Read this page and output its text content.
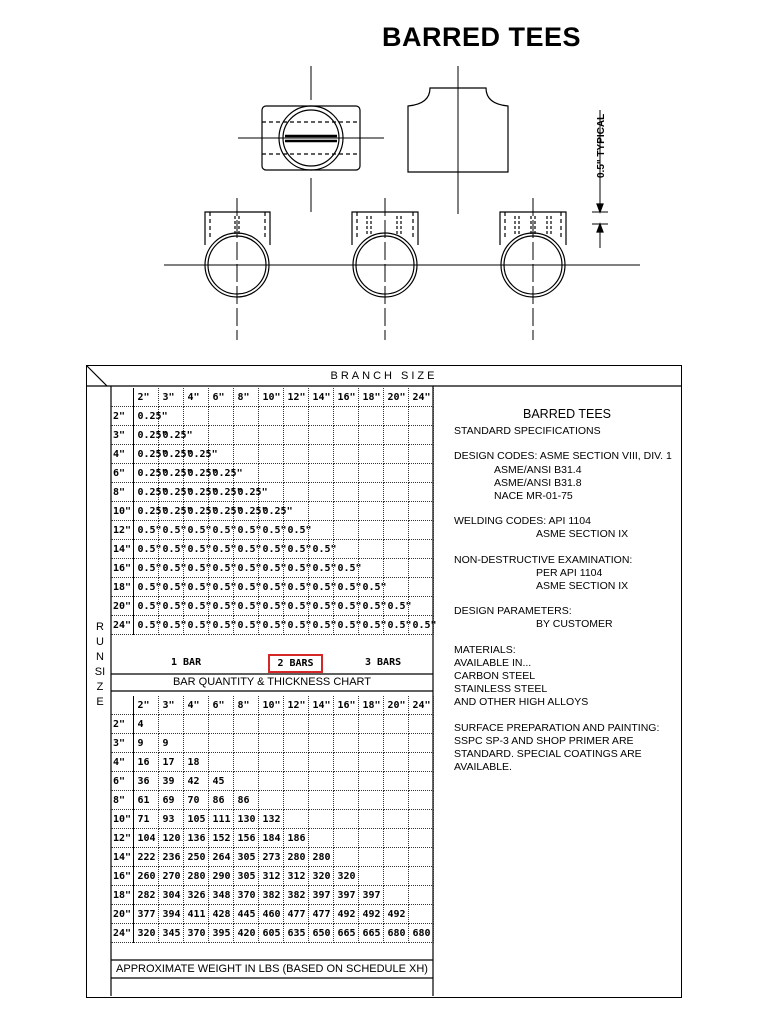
BARRED TEES
0.5" TYPICAL
BRANCH SIZE
RUN SIZE
	2"	3"	4"	6"	8"	10"	12"	14"	16"	18"	20"	24"
2"	0.25"											
3"	0.25"	0.25"										
4"	0.25"	0.25"	0.25"									
6"	0.25"	0.25"	0.25"	0.25"								
8"	0.25"	0.25"	0.25"	0.25"	0.25"							
10"	0.25"	0.25"	0.25"	0.25"	0.25"	0.25"						
12"	0.5"	0.5"	0.5"	0.5"	0.5"	0.5"	0.5"					
14"	0.5"	0.5"	0.5"	0.5"	0.5"	0.5"	0.5"	0.5"				
16"	0.5"	0.5"	0.5"	0.5"	0.5"	0.5"	0.5"	0.5"	0.5"			
18"	0.5"	0.5"	0.5"	0.5"	0.5"	0.5"	0.5"	0.5"	0.5"	0.5"		
20"	0.5"	0.5"	0.5"	0.5"	0.5"	0.5"	0.5"	0.5"	0.5"	0.5"	0.5"	
24"	0.5"	0.5"	0.5"	0.5"	0.5"	0.5"	0.5"	0.5"	0.5"	0.5"	0.5"	0.5"
1 BAR	2 BARS	3 BARS
BAR QUANTITY & THICKNESS CHART
	2"	3"	4"	6"	8"	10"	12"	14"	16"	18"	20"	24"
2"	4											
3"	9	9										
4"	16	17	18									
6"	36	39	42	45								
8"	61	69	70	86	86							
10"	71	93	105	111	130	132						
12"	104	120	136	152	156	184	186					
14"	222	236	250	264	305	273	280	280				
16"	260	270	280	290	305	312	312	320	320			
18"	282	304	326	348	370	382	382	397	397	397		
20"	377	394	411	428	445	460	477	477	492	492	492	
24"	320	345	370	395	420	605	635	650	665	665	680	680
APPROXIMATE WEIGHT IN LBS (BASED ON SCHEDULE XH)
BARRED TEES

STANDARD SPECIFICATIONS

DESIGN CODES: ASME SECTION VIII, DIV. 1

ASME/ANSI B31.4
ASME/ANSI B31.8
NACE MR-01-75

WELDING CODES: API 1104

ASME SECTION IX

NON-DESTRUCTIVE EXAMINATION:

PER API 1104
ASME SECTION IX

DESIGN PARAMETERS:

BY CUSTOMER

MATERIALS:
AVAILABLE IN...
CARBON STEEL
STAINLESS STEEL
AND OTHER HIGH ALLOYS

SURFACE PREPARATION AND PAINTING:
SSPC SP-3 AND SHOP PRIMER ARE
STANDARD. SPECIAL COATINGS ARE
AVAILABLE.
